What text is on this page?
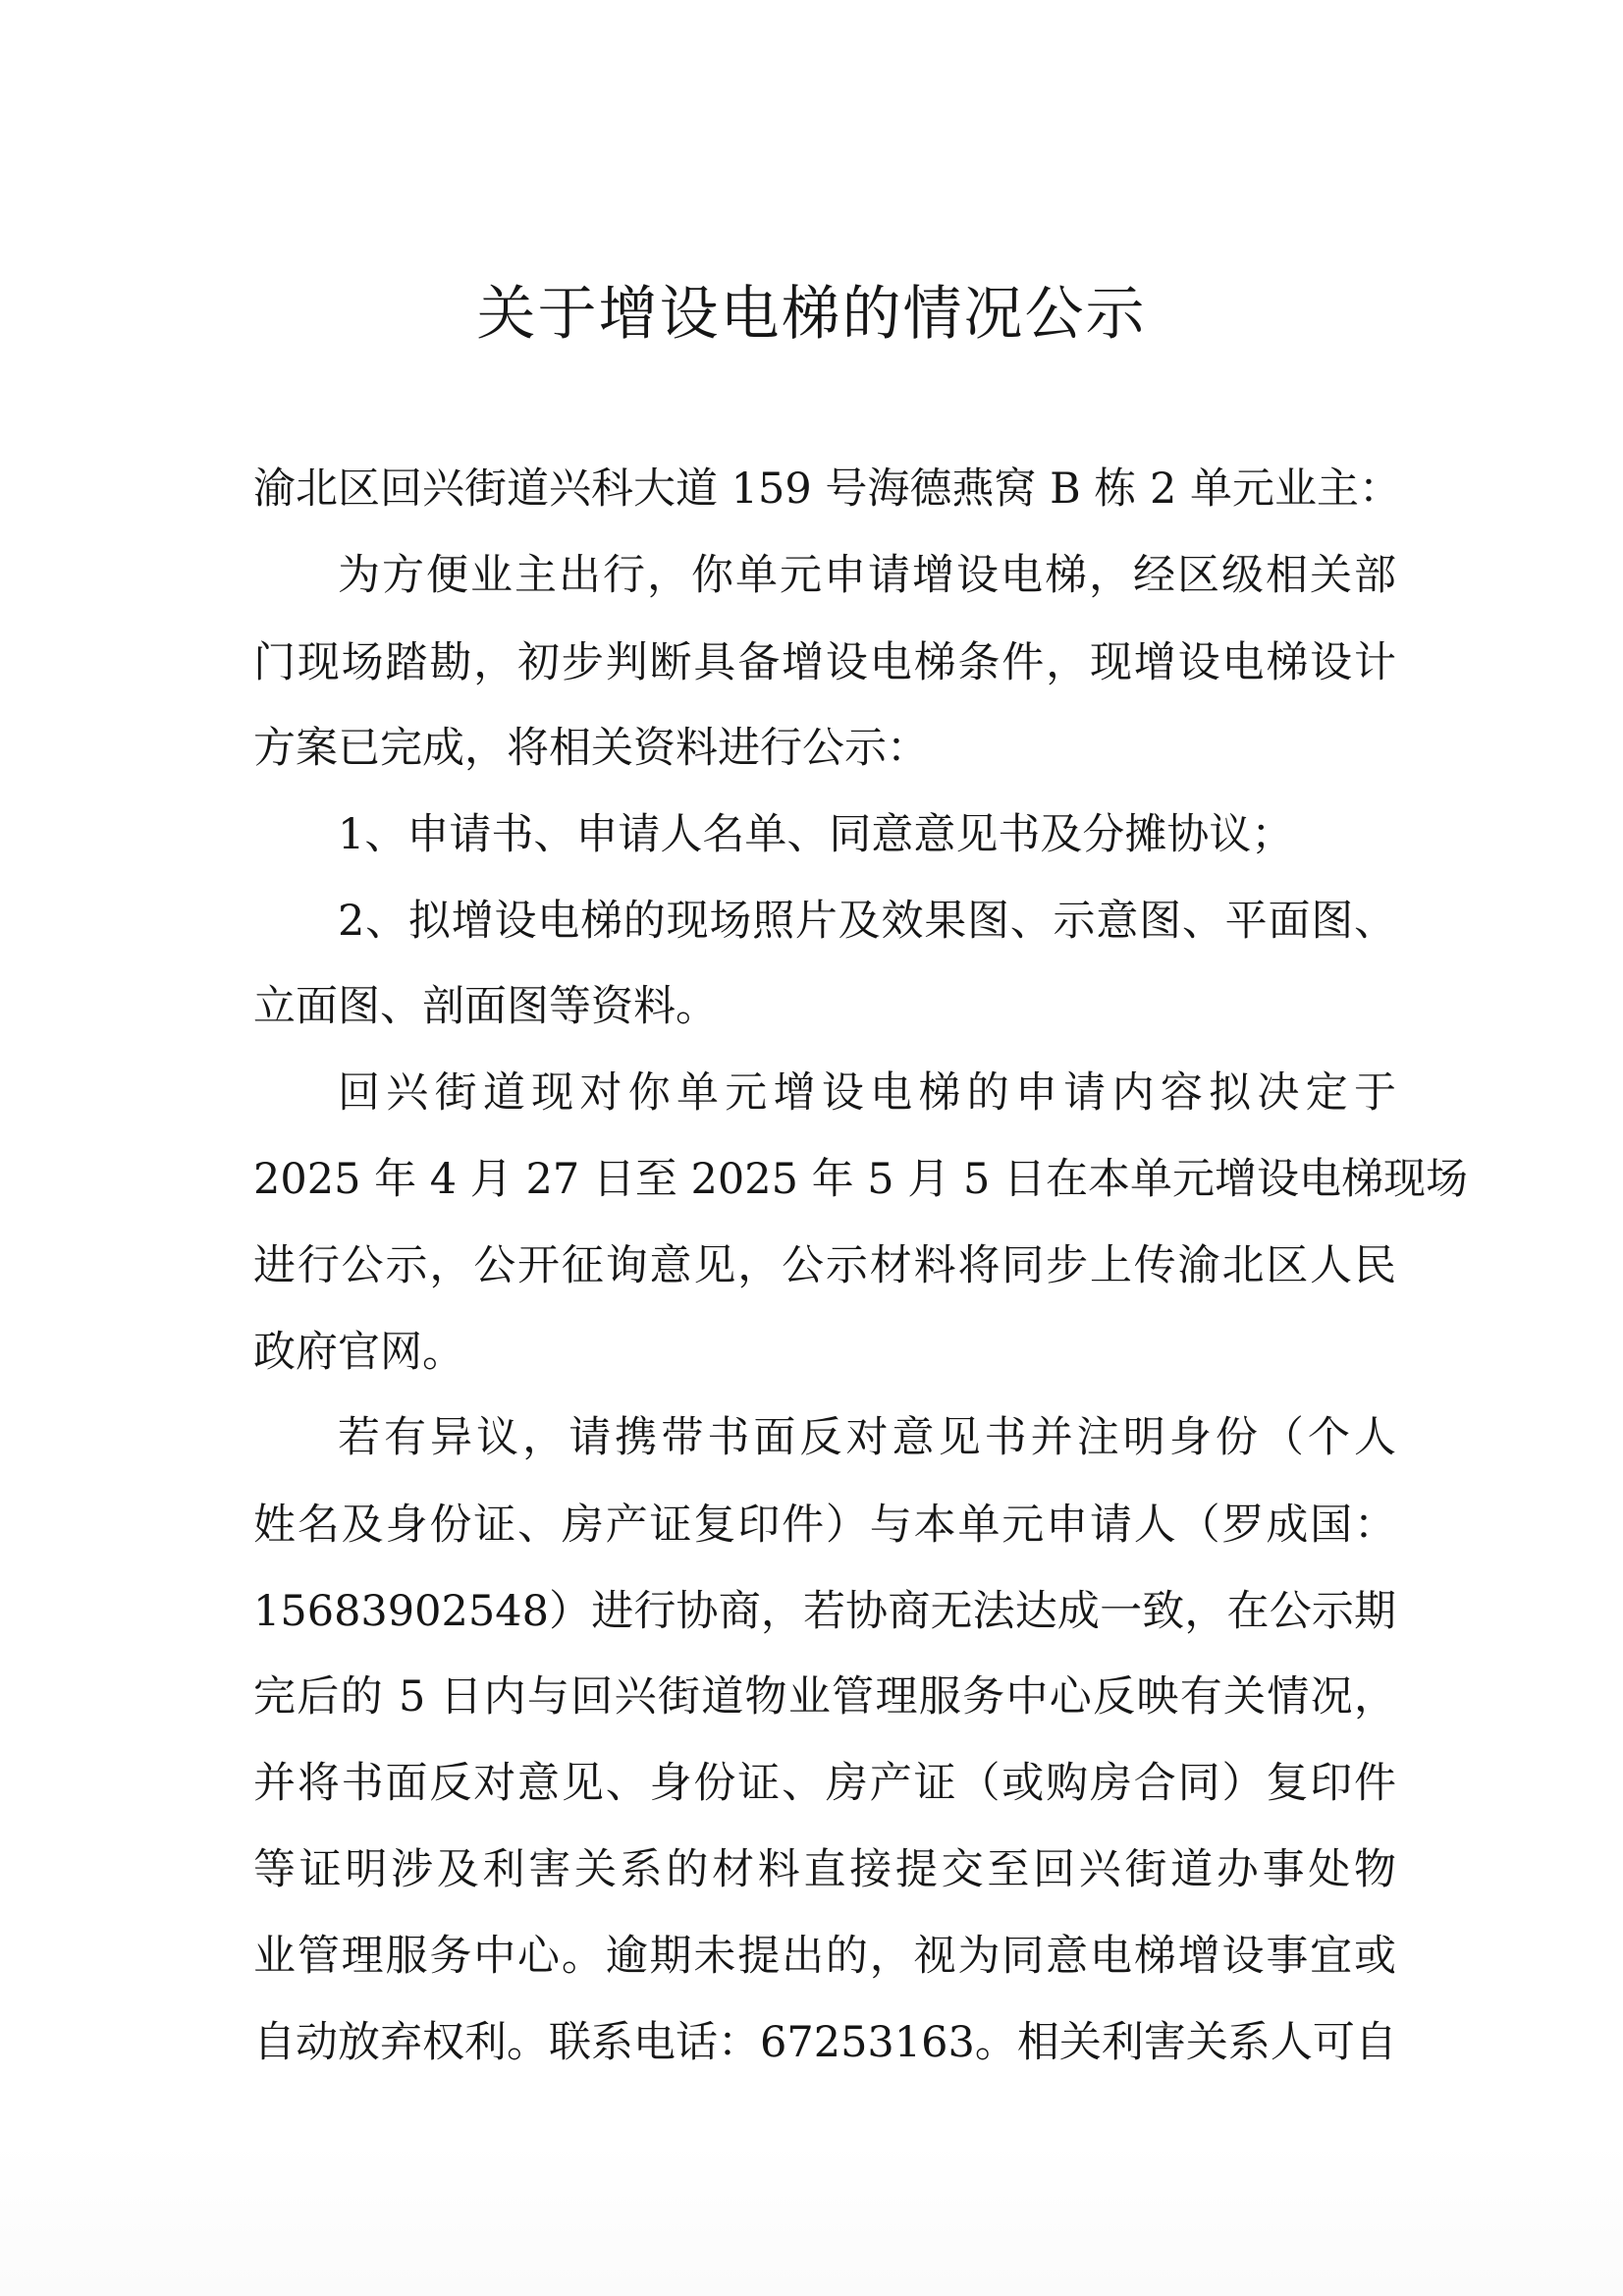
关于增设电梯的情况公示
渝北区回兴街道兴科大道 159 号海德燕窝 B 栋 2 单元业主：
为方便业主出行，你单元申请增设电梯，经区级相关部
门现场踏勘，初步判断具备增设电梯条件，现增设电梯设计
方案已完成，将相关资料进行公示：
1、申请书、申请人名单、同意意见书及分摊协议；
2、拟增设电梯的现场照片及效果图、示意图、平面图、
立面图、剖面图等资料。
回兴街道现对你单元增设电梯的申请内容拟决定于
2025 年 4 月 27 日至 2025 年 5 月 5 日在本单元增设电梯现场
进行公示，公开征询意见，公示材料将同步上传渝北区人民
政府官网。
若有异议，请携带书面反对意见书并注明身份（个人
姓名及身份证、房产证复印件）与本单元申请人（罗成国：
15683902548）进行协商，若协商无法达成一致，在公示期
完后的 5 日内与回兴街道物业管理服务中心反映有关情况，
并将书面反对意见、身份证、房产证（或购房合同）复印件
等证明涉及利害关系的材料直接提交至回兴街道办事处物
业管理服务中心。逾期未提出的，视为同意电梯增设事宜或
自动放弃权利。联系电话：67253163。相关利害关系人可自
